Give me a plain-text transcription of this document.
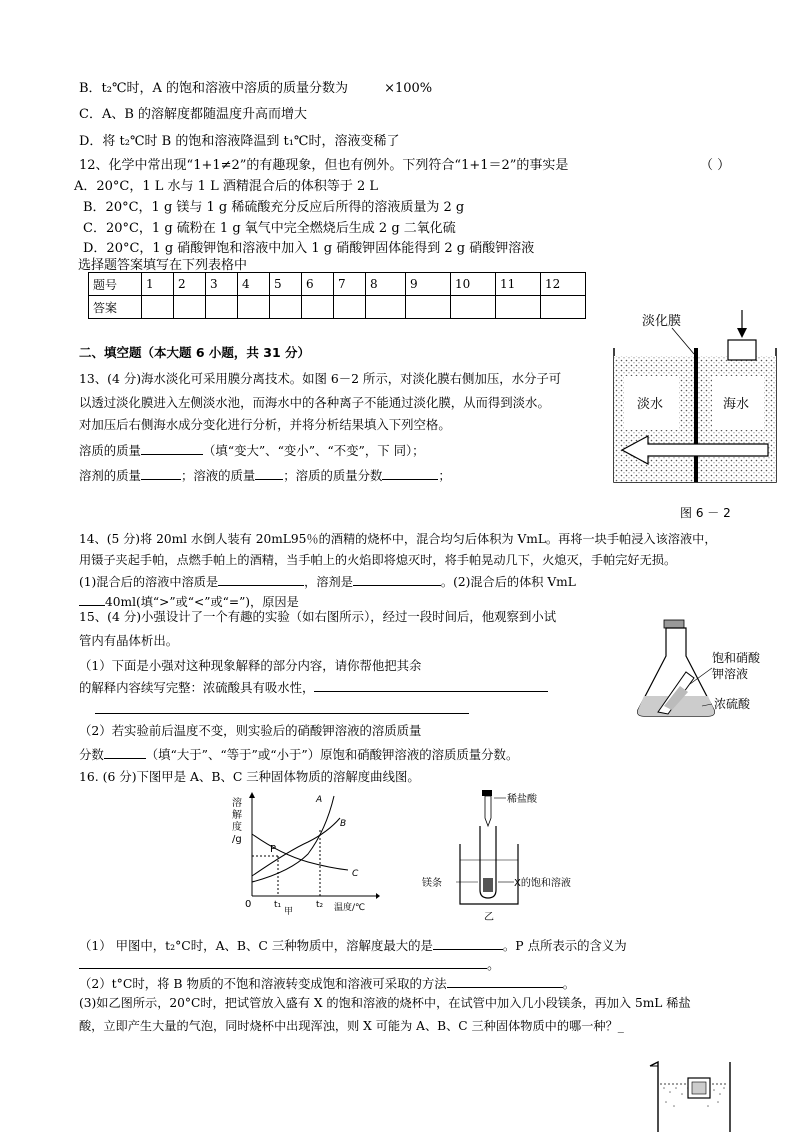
B．t₂℃时，A 的饱和溶液中溶质的质量分数为	×100%
C．A、B 的溶解度都随温度升高而增大
D．将 t₂℃时 B 的饱和溶液降温到 t₁℃时，溶液变稀了
12、化学中常出现“1+1≠2”的有趣现象，但也有例外。下列符合“1+1＝2”的事实是	（ ）
A．20°C，1 L 水与 1 L 酒精混合后的体积等于 2 L
B．20°C，1 g 镁与 1 g 稀硫酸充分反应后所得的溶液质量为 2 g
C．20°C，1 g 硫粉在 1 g 氧气中完全燃烧后生成 2 g 二氧化硫
D．20°C，1 g 硝酸钾饱和溶液中加入 1 g 硝酸钾固体能得到 2 g 硝酸钾溶液
选择题答案填写在下列表格中
题号	1	2	3	4	5	6	7	8	9	10	11	12
答案												
二、填空题（本大题 6 小题，共 31 分）
13、(4 分)海水淡化可采用膜分离技术。如图 6－2 所示，对淡化膜右侧加压，水分子可
以透过淡化膜进入左侧淡水池，而海水中的各种离子不能通过淡化膜，从而得到淡水。
对加压后右侧海水成分变化进行分析，并将分析结果填入下列空格。
溶质的质量	（填“变大”、“变小”、“不变”，下 同）；
溶剂的质量	；溶液的质量 ；溶质的质量分数	；
淡化膜
淡水	海水
图 6 － 2
14、(5 分)将 20ml 水倒人装有 20mL95％的酒精的烧杯中，混合均匀后体积为 VmL。再将一块手帕浸入该溶液中，
用镊子夹起手帕，点燃手帕上的酒精，当手帕上的火焰即将熄灭时，将手帕晃动几下，火熄灭，手帕完好无损。
(1)混合后的溶液中溶质是	，溶剂是	。(2)混合后的体积 VmL
40ml(填“>”或“<”或“=”)，原因是
15、(4 分)小强设计了一个有趣的实验（如右图所示），经过一段时间后，他观察到小试
管内有晶体析出。
（1）下面是小强对这种现象解释的部分内容，请你帮他把其余
的解释内容续写完整：浓硫酸具有吸水性，
（2）若实验前后温度不变，则实验后的硝酸钾溶液的溶质质量
分数	（填“大于”、“等于”或“小于”）原饱和硝酸钾溶液的溶质质量分数。
饱和硝酸
钾溶液
浓硫酸
16. (6 分)下图甲是 A、B、C 三种固体物质的溶解度曲线图。
溶
解
度
/g
0	t₁	t₂ 温度/℃
甲
A
B
C
P
稀盐酸
镁条	X的饱和溶液
乙
（1） 甲图中，t₂°C时，A、B、C 三种物质中，溶解度最大的是	。P 点所表示的含义为
。
（2）t°C时，将 B 物质的不饱和溶液转变成饱和溶液可采取的方法	。
(3)如乙图所示，20°C时，把试管放入盛有 X 的饱和溶液的烧杯中，在试管中加入几小段镁条，再加入 5mL 稀盐
酸，立即产生大量的气泡，同时烧杯中出现浑浊，则 X 可能为 A、B、C 三种固体物质中的哪一种？_
